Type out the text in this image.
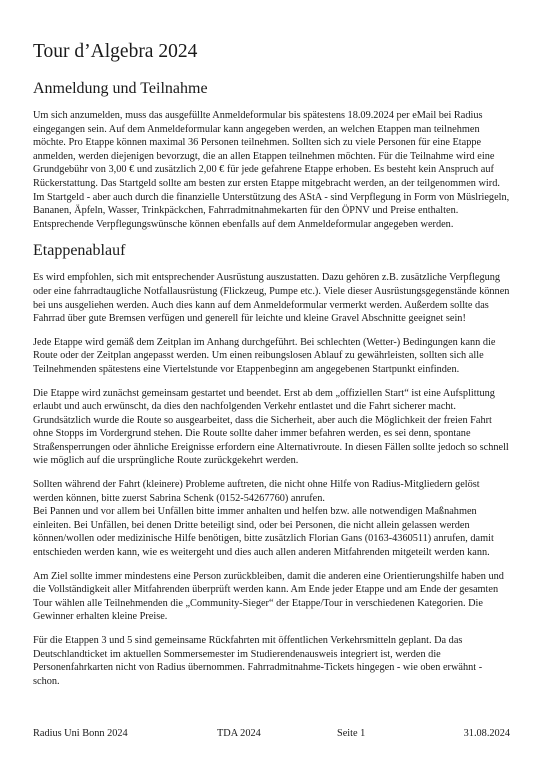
Tour d’Algebra 2024
Anmeldung und Teilnahme

Um sich anzumelden, muss das ausgefüllte Anmeldeformular bis spätestens 18.09.2024 per eMail bei Radius eingegangen sein. Auf dem Anmeldeformular kann angegeben werden, an welchen Etappen man teilnehmen möchte. Pro Etappe können maximal 36 Personen teilnehmen. Sollten sich zu viele Personen für eine Etappe anmelden, werden diejenigen bevorzugt, die an allen Etappen teilnehmen möchten. Für die Teilnahme wird eine Grundgebühr von 3,00 € und zusätzlich 2,00 € für jede gefahrene Etappe erhoben. Es besteht kein Anspruch auf Rückerstattung. Das Startgeld sollte am besten zur ersten Etappe mitgebracht werden, an der teilgenommen wird. Im Startgeld - aber auch durch die finanzielle Unterstützung des AStA - sind Verpflegung in Form von Müslriegeln, Bananen, Äpfeln, Wasser, Trinkpäckchen, Fahrradmitnahmekarten für den ÖPNV und Preise enthalten. Entsprechende Verpflegungswünsche können ebenfalls auf dem Anmeldeformular angegeben werden.

Etappenablauf

Es wird empfohlen, sich mit entsprechender Ausrüstung auszustatten. Dazu gehören z.B. zusätzliche Verpflegung oder eine fahrradtaugliche Notfallausrüstung (Flickzeug, Pumpe etc.). Viele dieser Ausrüstungsgegenstände können bei uns ausgeliehen werden. Auch dies kann auf dem Anmeldeformular vermerkt werden. Außerdem sollte das Fahrrad über gute Bremsen verfügen und generell für leichte und kleine Gravel Abschnitte geeignet sein!

Jede Etappe wird gemäß dem Zeitplan im Anhang durchgeführt. Bei schlechten (Wetter-) Bedingungen kann die Route oder der Zeitplan angepasst werden. Um einen reibungslosen Ablauf zu gewährleisten, sollten sich alle Teilnehmenden spätestens eine Viertelstunde vor Etappenbeginn am angegebenen Startpunkt einfinden.

Die Etappe wird zunächst gemeinsam gestartet und beendet. Erst ab dem „offiziellen Start“ ist eine Aufsplittung erlaubt und auch erwünscht, da dies den nachfolgenden Verkehr entlastet und die Fahrt sicherer macht. Grundsätzlich wurde die Route so ausgearbeitet, dass die Sicherheit, aber auch die Möglichkeit der freien Fahrt ohne Stopps im Vordergrund stehen. Die Route sollte daher immer befahren werden, es sei denn, spontane Straßensperrungen oder ähnliche Ereignisse erfordern eine Alternativroute. In diesen Fällen sollte jedoch so schnell wie möglich auf die ursprüngliche Route zurückgekehrt werden.

Sollten während der Fahrt (kleinere) Probleme auftreten, die nicht ohne Hilfe von Radius-Mitgliedern gelöst werden können, bitte zuerst Sabrina Schenk (0152-54267760) anrufen.

Bei Pannen und vor allem bei Unfällen bitte immer anhalten und helfen bzw. alle notwendigen Maßnahmen einleiten. Bei Unfällen, bei denen Dritte beteiligt sind, oder bei Personen, die nicht allein gelassen werden können/wollen oder medizinische Hilfe benötigen, bitte zusätzlich Florian Gans (0163-4360511) anrufen, damit entschieden werden kann, wie es weitergeht und dies auch allen anderen Mitfahrenden mitgeteilt werden kann.

Am Ziel sollte immer mindestens eine Person zurückbleiben, damit die anderen eine Orientierungshilfe haben und die Vollständigkeit aller Mitfahrenden überprüft werden kann. Am Ende jeder Etappe und am Ende der gesamten Tour wählen alle Teilnehmenden die „Community-Sieger“ der Etappe/Tour in verschiedenen Kategorien. Die Gewinner erhalten kleine Preise.

Für die Etappen 3 und 5 sind gemeinsame Rückfahrten mit öffentlichen Verkehrsmitteln geplant. Da das Deutschlandticket im aktuellen Sommersemester im Studierendenausweis integriert ist, werden die Personenfahrkarten nicht von Radius übernommen. Fahrradmitnahme-Tickets hingegen - wie oben erwähnt - schon.

Radius Uni Bonn 2024	TDA 2024	Seite 1	31.08.2024
